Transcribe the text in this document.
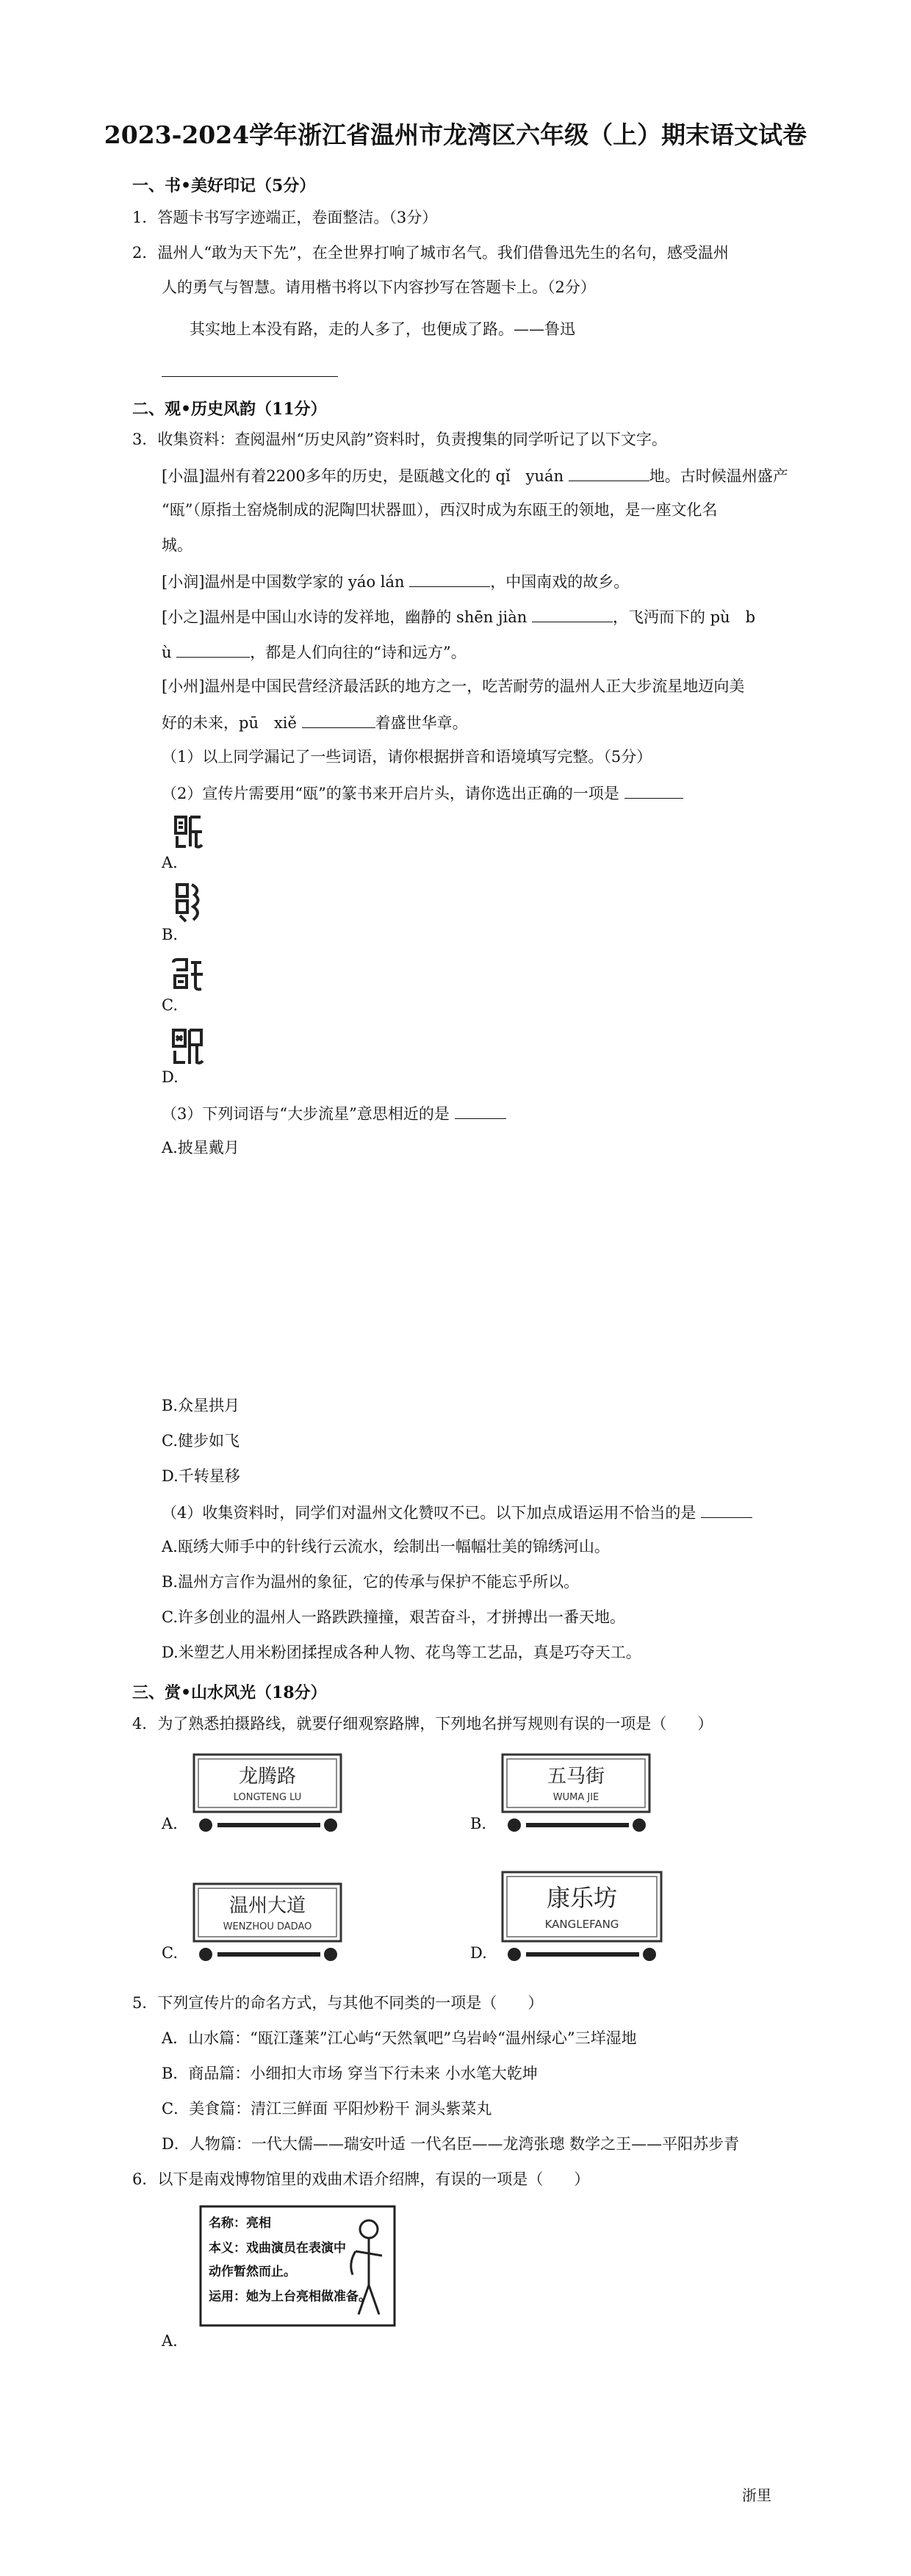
2023-2024学年浙江省温州市龙湾区六年级（上）期末语文试卷
一、书•美好印记（5分）

1．答题卡书写字迹端正，卷面整洁。（3分）

2．温州人“敢为天下先”，在全世界打响了城市名气。我们借鲁迅先生的名句，感受温州

人的勇气与智慧。请用楷书将以下内容抄写在答题卡上。（2分）

其实地上本没有路，走的人多了，也便成了路。——鲁迅

二、观•历史风韵（11分）

3．收集资料：查阅温州“历史风韵”资料时，负责搜集的同学听记了以下文字。

[小温]温州有着2200多年的历史，是瓯越文化的 qǐ　yuán	地。古时候温州盛产

“瓯”（原指土窑烧制成的泥陶凹状器皿），西汉时成为东瓯王的领地，是一座文化名

城。

[小润]温州是中国数学家的 yáo lán	，中国南戏的故乡。

[小之]温州是中国山水诗的发祥地，幽静的 shēn jiàn	，飞沔而下的 pù　b

ù	，都是人们向往的“诗和远方”。

[小州]温州是中国民营经济最活跃的地方之一，吃苦耐劳的温州人正大步流星地迈向美

好的未来，pū　xiě	着盛世华章。

（1）以上同学漏记了一些词语，请你根据拼音和语境填写完整。（5分）

（2）宣传片需要用“瓯”的篆书来开启片头，请你选出正确的一项是

A.

B.

C.

D.

（3）下列词语与“大步流星”意思相近的是

A.披星戴月

B.众星拱月

C.健步如飞

D.千转星移

（4）收集资料时，同学们对温州文化赞叹不已。以下加点成语运用不恰当的是

A.瓯绣大师手中的针线行云流水，绘制出一幅幅壮美的锦绣河山。

B.温州方言作为温州的象征，它的传承与保护不能忘乎所以。

C.许多创业的温州人一路跌跌撞撞，艰苦奋斗，才拼搏出一番天地。

D.米塑艺人用米粉团揉捏成各种人物、花鸟等工艺品，真是巧夺天工。

三、赏•山水风光（18分）

4．为了熟悉拍摄路线，就要仔细观察路牌，下列地名拼写规则有误的一项是（　　）

A.

龙腾路
LONGTENG LU

B.

五马街
WUMA JIE

C.

温州大道
WENZHOU DADAO

D.

康乐坊
KANGLEFANG

5．下列宣传片的命名方式，与其他不同类的一项是（　　）

A．山水篇：“瓯江蓬莱”江心屿“天然氧吧”乌岩岭“温州绿心”三垟湿地

B．商品篇：小细扣大市场 穿当下行未来 小水笔大乾坤

C．美食篇：清江三鲜面 平阳炒粉干 洞头紫菜丸

D．人物篇：一代大儒——瑞安叶适 一代名臣——龙湾张璁 数学之王——平阳苏步青

6．以下是南戏博物馆里的戏曲术语介绍牌，有误的一项是（　　）

名称：亮相

本义：戏曲演员在表演中

动作暂然而止。

运用：她为上台亮相做准备。

A.

浙里
